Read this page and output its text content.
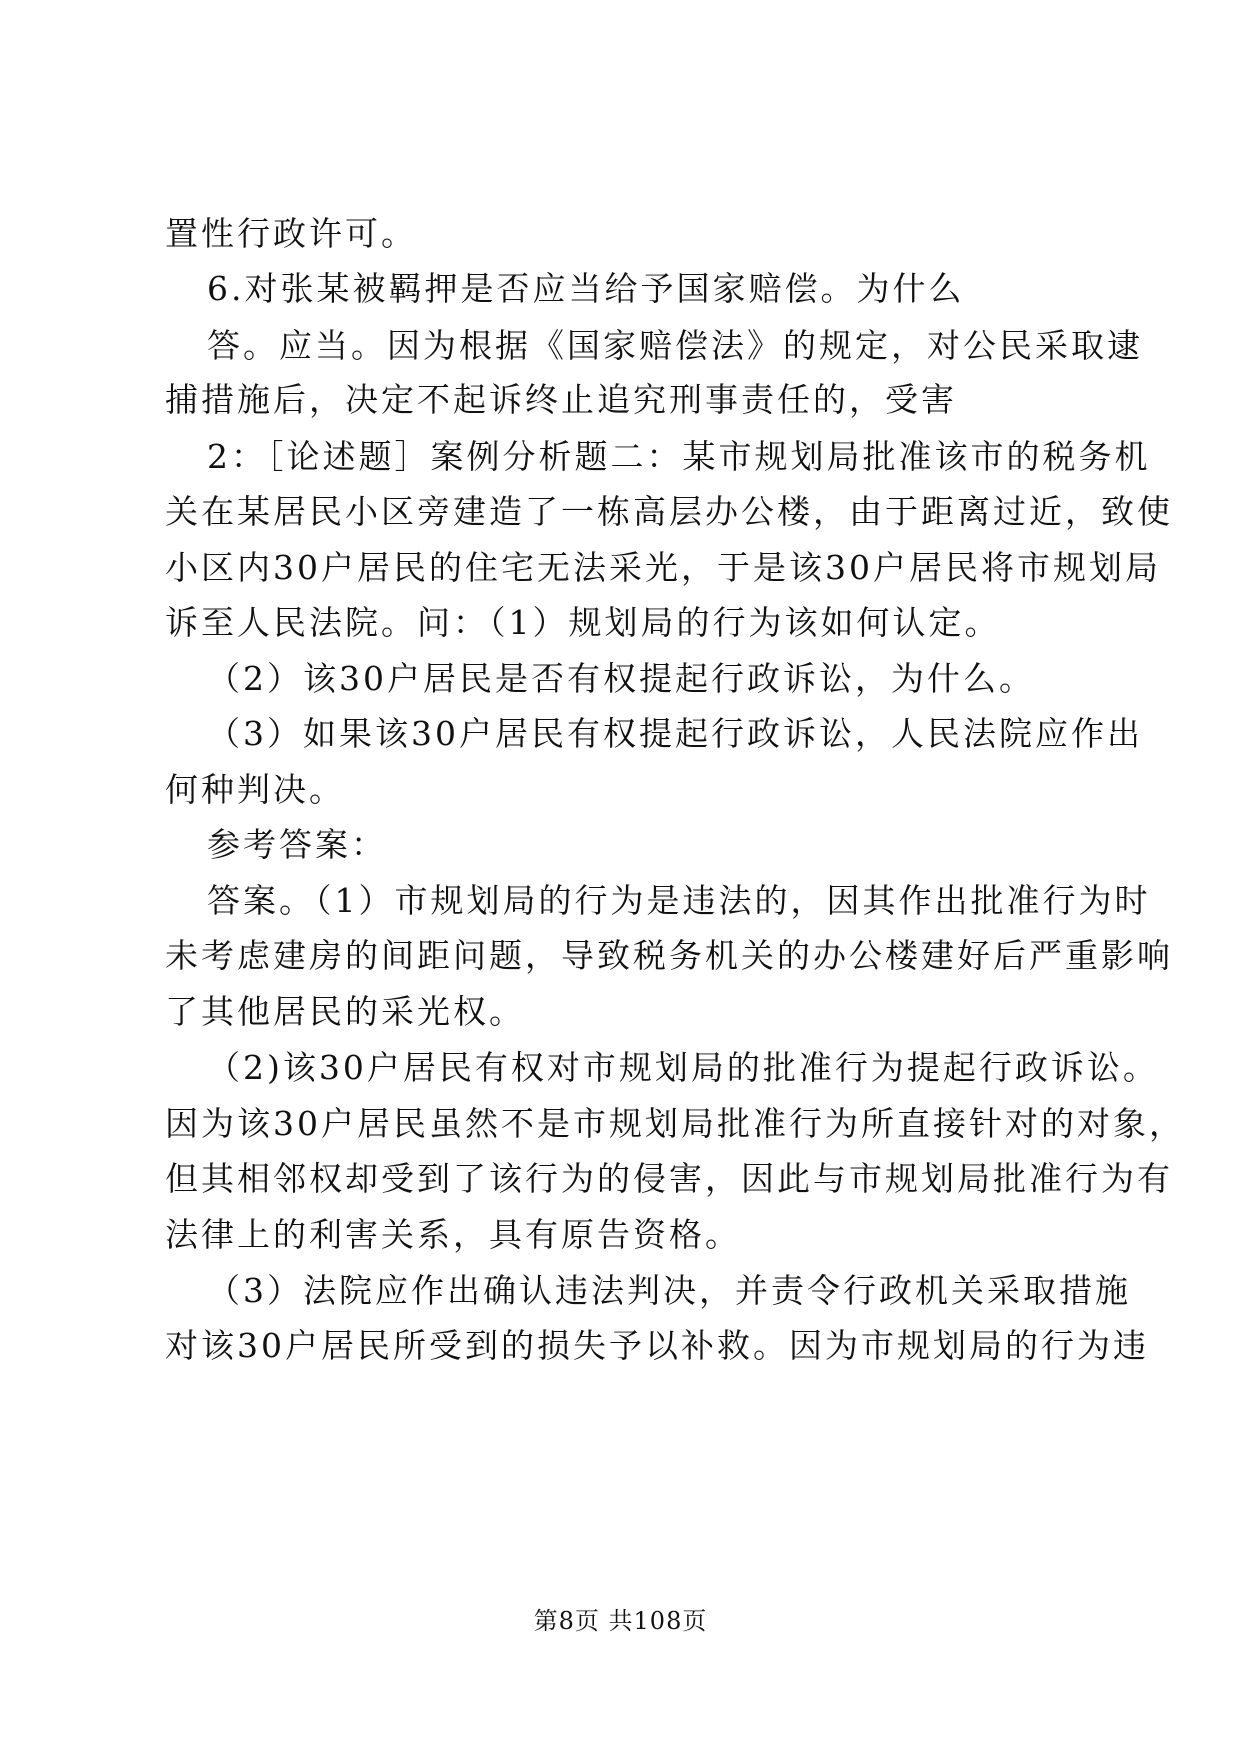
置性行政许可。
6.对张某被羁押是否应当给予国家赔偿。为什么
答。应当。因为根据《国家赔偿法》的规定，对公民采取逮
捕措施后，决定不起诉终止追究刑事责任的，受害
2：［论述题］案例分析题二：某市规划局批准该市的税务机
关在某居民小区旁建造了一栋高层办公楼，由于距离过近，致使
小区内30户居民的住宅无法采光，于是该30户居民将市规划局
诉至人民法院。问：（1）规划局的行为该如何认定。
（2）该30户居民是否有权提起行政诉讼，为什么。
（3）如果该30户居民有权提起行政诉讼，人民法院应作出
何种判决。
参考答案：
答案。（1）市规划局的行为是违法的，因其作出批准行为时
未考虑建房的间距问题，导致税务机关的办公楼建好后严重影响
了其他居民的采光权。
（2)该30户居民有权对市规划局的批准行为提起行政诉讼。
因为该30户居民虽然不是市规划局批准行为所直接针对的对象，
但其相邻权却受到了该行为的侵害，因此与市规划局批准行为有
法律上的利害关系，具有原告资格。
（3）法院应作出确认违法判决，并责令行政机关采取措施
对该30户居民所受到的损失予以补救。因为市规划局的行为违
第8页 共108页
